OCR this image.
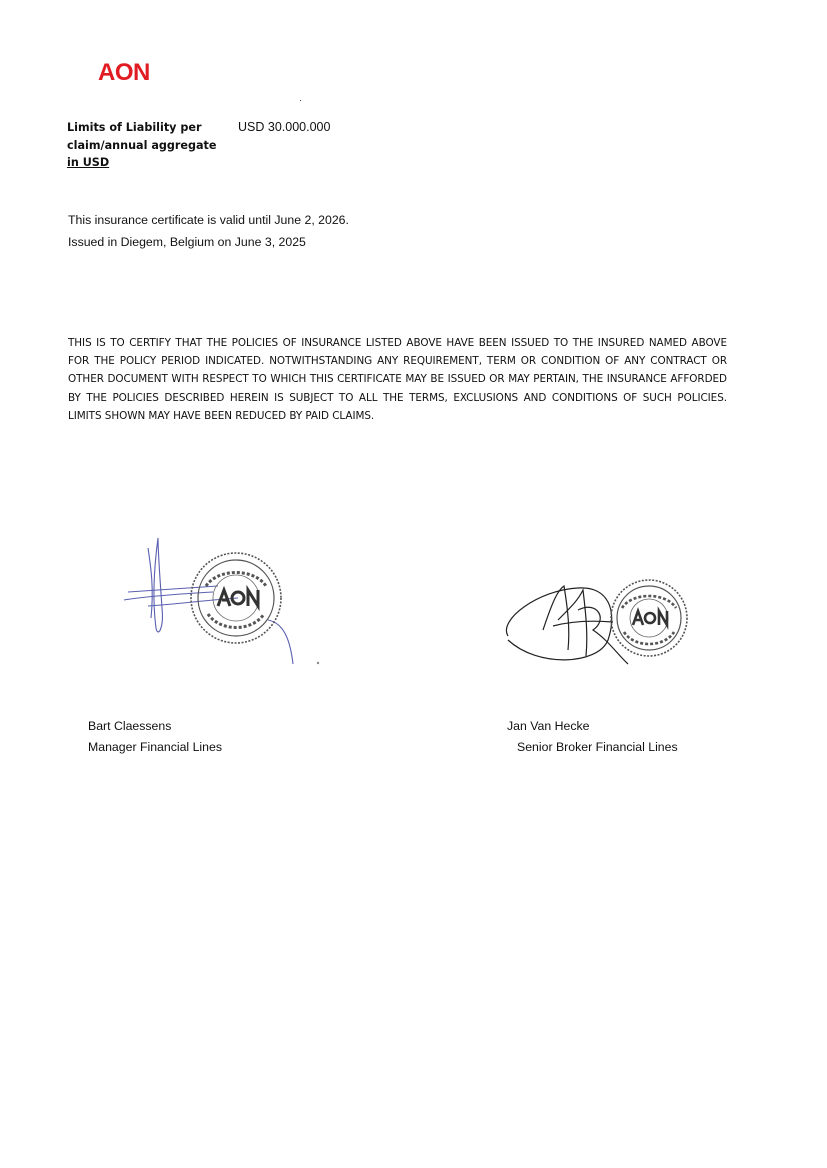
AON
Limits of Liability per
claim/annual aggregate
in USD
USD 30.000.000
This insurance certificate is valid until June 2, 2026.
Issued in Diegem, Belgium on June 3, 2025
THIS IS TO CERTIFY THAT THE POLICIES OF INSURANCE LISTED ABOVE HAVE BEEN ISSUED TO THE INSURED NAMED ABOVE FOR THE POLICY PERIOD INDICATED. NOTWITHSTANDING ANY REQUIREMENT, TERM OR CONDITION OF ANY CONTRACT OR OTHER DOCUMENT WITH RESPECT TO WHICH THIS CERTIFICATE MAY BE ISSUED OR MAY PERTAIN, THE INSURANCE AFFORDED BY THE POLICIES DESCRIBED HEREIN IS SUBJECT TO ALL THE TERMS, EXCLUSIONS AND CONDITIONS OF SUCH POLICIES. LIMITS SHOWN MAY HAVE BEEN REDUCED BY PAID CLAIMS.
Bart Claessens
Manager Financial Lines
Jan Van Hecke
Senior Broker Financial Lines
